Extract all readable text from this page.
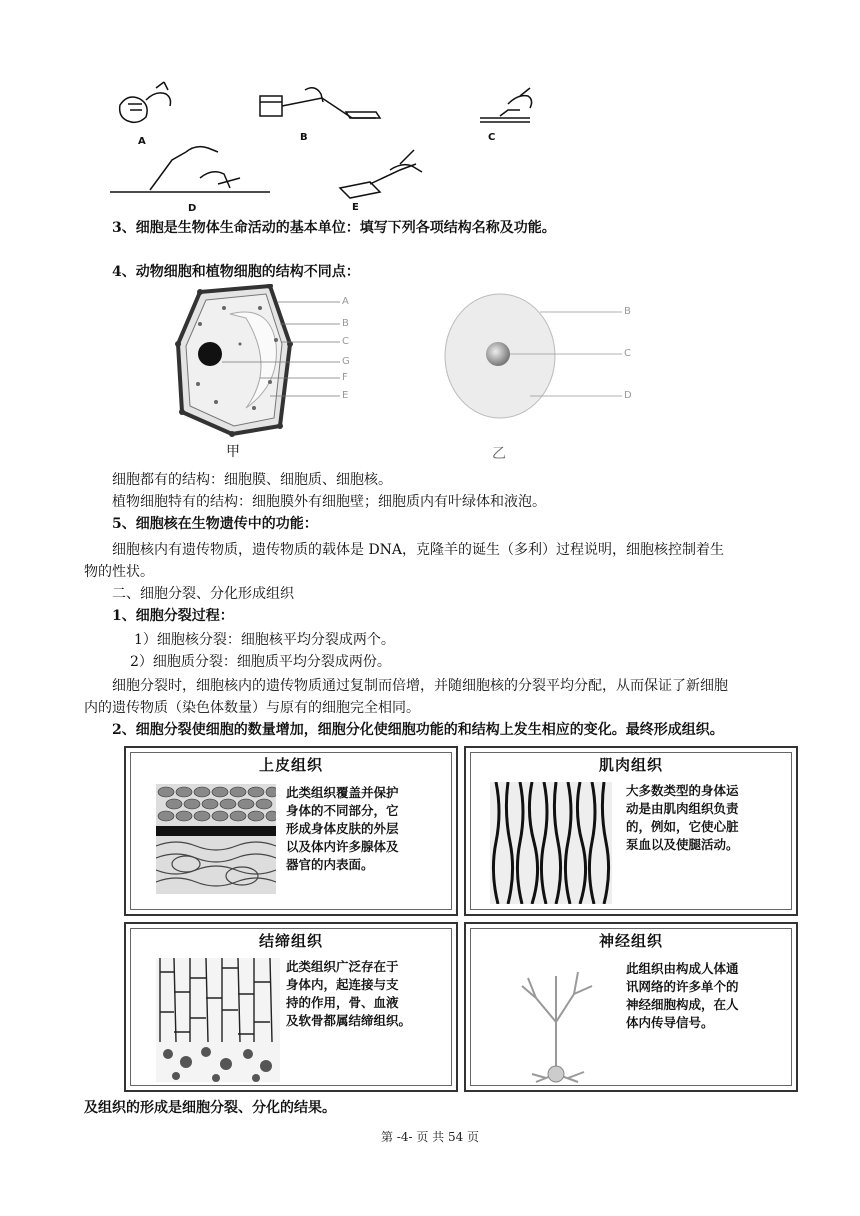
A	B	C
D	E
3、细胞是生物体生命活动的基本单位：填写下列各项结构名称及功能。
4、动物细胞和植物细胞的结构不同点：
A
B
C
G
F
E
甲
B
C
D
乙
细胞都有的结构：细胞膜、细胞质、细胞核。
植物细胞特有的结构：细胞膜外有细胞壁；细胞质内有叶绿体和液泡。
5、细胞核在生物遗传中的功能：
细胞核内有遗传物质，遗传物质的载体是 DNA，克隆羊的诞生（多利）过程说明，细胞核控制着生
物的性状。
二、细胞分裂、分化形成组织
1、细胞分裂过程：
1）细胞核分裂：细胞核平均分裂成两个。
2）细胞质分裂：细胞质平均分裂成两份。
细胞分裂时，细胞核内的遗传物质通过复制而倍增，并随细胞核的分裂平均分配，从而保证了新细胞
内的遗传物质（染色体数量）与原有的细胞完全相同。
2、细胞分裂使细胞的数量增加，细胞分化使细胞功能的和结构上发生相应的变化。最终形成组织。
上皮组织
此类组织覆盖并保护
身体的不同部分，它
形成身体皮肤的外层
以及体内许多腺体及
器官的内表面。
肌肉组织
大多数类型的身体运
动是由肌肉组织负责
的，例如，它使心脏
泵血以及使腿活动。
结缔组织
此类组织广泛存在于
身体内，起连接与支
持的作用，骨、血液
及软骨都属结缔组织。
神经组织
此组织由构成人体通
讯网络的许多单个的
神经细胞构成，在人
体内传导信号。
及组织的形成是细胞分裂、分化的结果。
第 -4- 页 共 54 页
